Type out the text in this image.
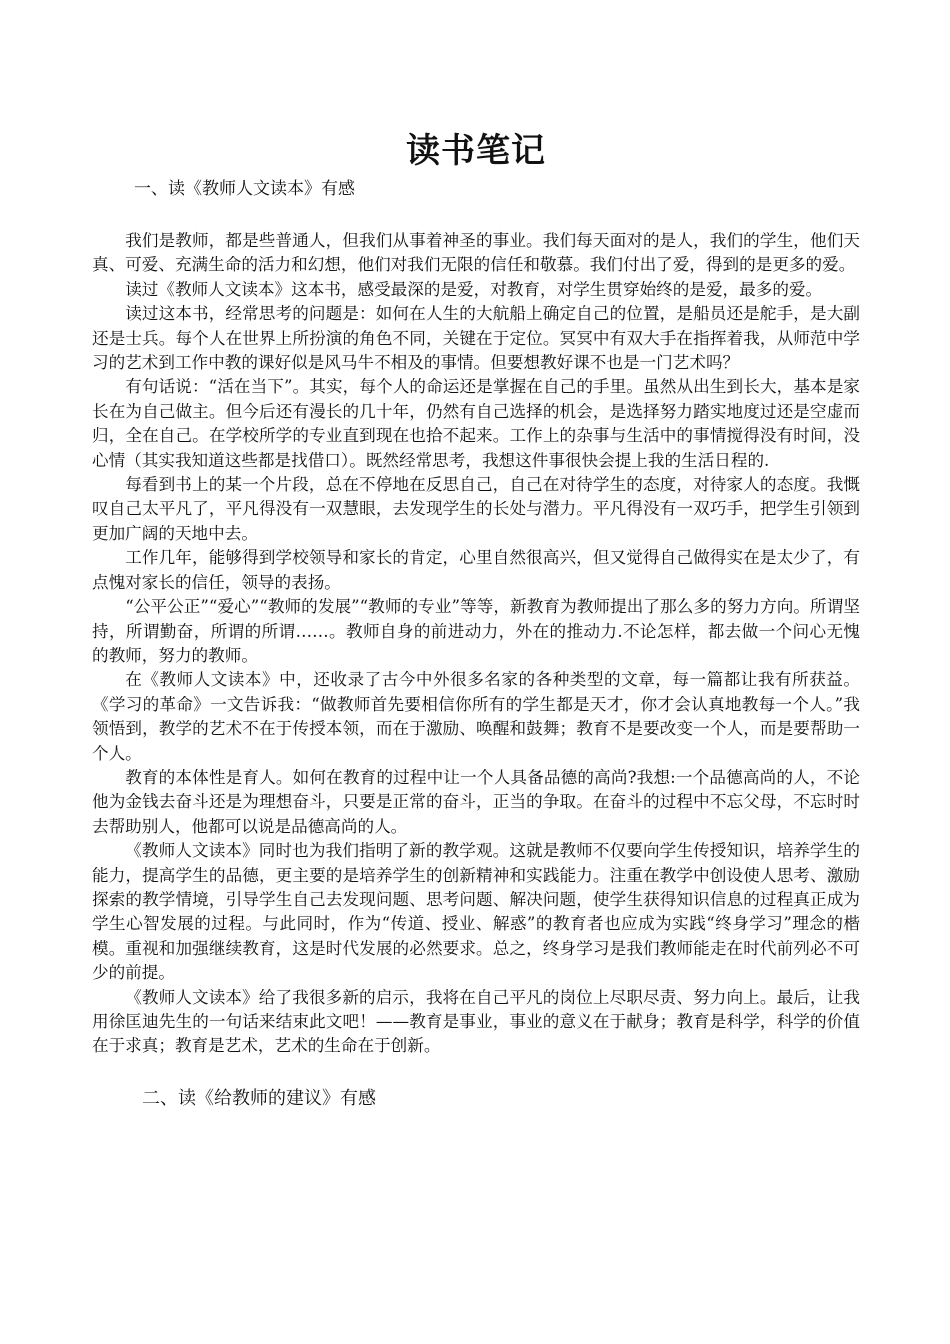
读书笔记

一、读《教师人文读本》有感

我们是教师，都是些普通人，但我们从事着神圣的事业。我们每天面对的是人，我们的学生，他们天真、可爱、充满生命的活力和幻想，他们对我们无限的信任和敬慕。我们付出了爱，得到的是更多的爱。

读过《教师人文读本》这本书，感受最深的是爱，对教育，对学生贯穿始终的是爱，最多的爱。

读过这本书，经常思考的问题是：如何在人生的大航船上确定自己的位置，是船员还是舵手，是大副还是士兵。每个人在世界上所扮演的角色不同，关键在于定位。冥冥中有双大手在指挥着我，从师范中学习的艺术到工作中教的课好似是风马牛不相及的事情。但要想教好课不也是一门艺术吗？

有句话说：“活在当下”。其实，每个人的命运还是掌握在自己的手里。虽然从出生到长大，基本是家长在为自己做主。但今后还有漫长的几十年，仍然有自己选择的机会，是选择努力踏实地度过还是空虚而归，全在自己。在学校所学的专业直到现在也拾不起来。工作上的杂事与生活中的事情搅得没有时间，没心情（其实我知道这些都是找借口）。既然经常思考，我想这件事很快会提上我的生活日程的.

每看到书上的某一个片段，总在不停地在反思自己，自己在对待学生的态度，对待家人的态度。我慨叹自己太平凡了，平凡得没有一双慧眼，去发现学生的长处与潜力。平凡得没有一双巧手，把学生引领到更加广阔的天地中去。

工作几年，能够得到学校领导和家长的肯定，心里自然很高兴，但又觉得自己做得实在是太少了，有点愧对家长的信任，领导的表扬。

“公平公正”“爱心”“教师的发展”“教师的专业”等等，新教育为教师提出了那么多的努力方向。所谓坚持，所谓勤奋，所谓的所谓……。教师自身的前进动力，外在的推动力.不论怎样，都去做一个问心无愧的教师，努力的教师。

在《教师人文读本》中，还收录了古今中外很多名家的各种类型的文章，每一篇都让我有所获益。《学习的革命》一文告诉我：“做教师首先要相信你所有的学生都是天才，你才会认真地教每一个人。”我领悟到，教学的艺术不在于传授本领，而在于激励、唤醒和鼓舞；教育不是要改变一个人，而是要帮助一个人。

教育的本体性是育人。如何在教育的过程中让一个人具备品德的高尚?我想:一个品德高尚的人，不论他为金钱去奋斗还是为理想奋斗，只要是正常的奋斗，正当的争取。在奋斗的过程中不忘父母，不忘时时去帮助别人，他都可以说是品德高尚的人。

《教师人文读本》同时也为我们指明了新的教学观。这就是教师不仅要向学生传授知识，培养学生的能力，提高学生的品德，更主要的是培养学生的创新精神和实践能力。注重在教学中创设使人思考、激励探索的教学情境，引导学生自己去发现问题、思考问题、解决问题，使学生获得知识信息的过程真正成为学生心智发展的过程。与此同时，作为“传道、授业、解惑”的教育者也应成为实践“终身学习”理念的楷模。重视和加强继续教育，这是时代发展的必然要求。总之，终身学习是我们教师能走在时代前列必不可少的前提。

《教师人文读本》给了我很多新的启示，我将在自己平凡的岗位上尽职尽责、努力向上。最后，让我用徐匡迪先生的一句话来结束此文吧！——教育是事业，事业的意义在于献身；教育是科学，科学的价值在于求真；教育是艺术，艺术的生命在于创新。

二、读《给教师的建议》有感
